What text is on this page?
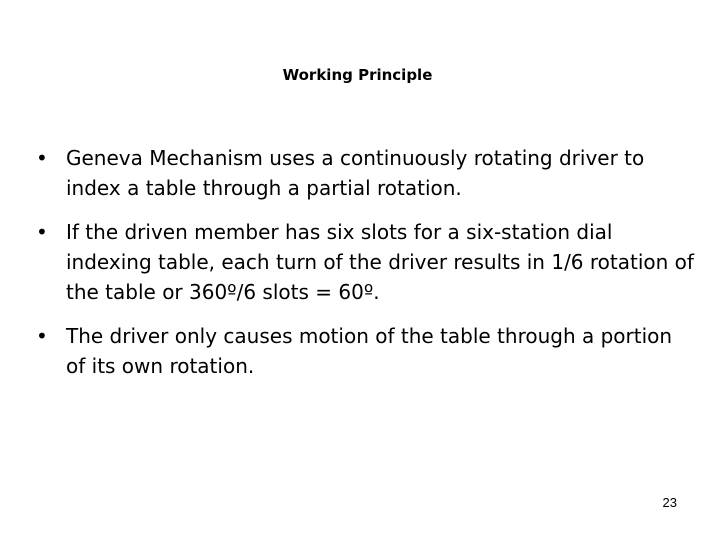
Working Principle
• Geneva Mechanism uses a continuously rotating driver to index a table through a partial rotation.
• If the driven member has six slots for a six-station dial indexing table, each turn of the driver results in 1/6 rotation of the table or 360º/6 slots = 60º.
• The driver only causes motion of the table through a portion of its own rotation.
23
